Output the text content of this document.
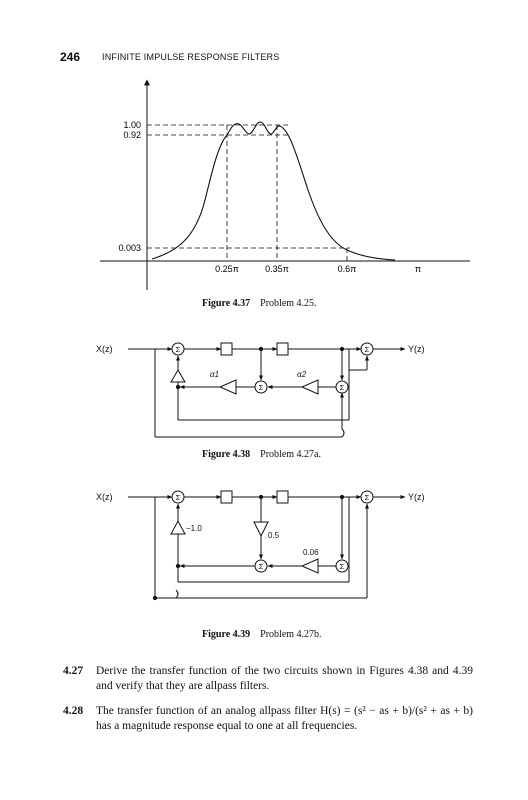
246 INFINITE IMPULSE RESPONSE FILTERS
1.00
0.92
0.003
0.25π	0.35π	0.6π	π
Figure 4.37 Problem 4.25.
X(z)	Y(z)
Σ	Σ
Σ	Σ
α1	α2
Figure 4.38 Problem 4.27a.
X(z)	Y(z)
Σ	Σ
Σ	Σ
−1.0
0.5
0.06
Figure 4.39 Problem 4.27b.
4.27 Derive the transfer function of the two circuits shown in Figures 4.38 and 4.39 and verify that they are allpass filters.
4.28 The transfer function of an analog allpass filter H(s) = (s² − as + b)/(s² + as + b) has a magnitude response equal to one at all frequencies.
